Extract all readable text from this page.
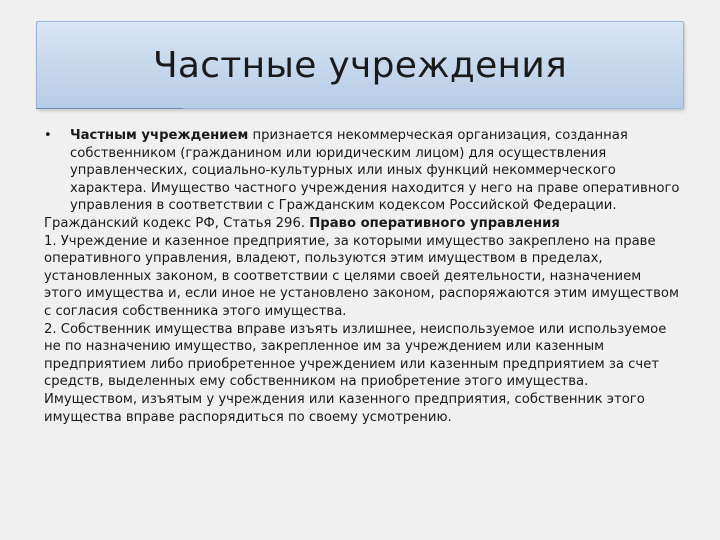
Частные учреждения
• Частным учреждением признается некоммерческая организация, созданная собственником (гражданином или юридическим лицом) для осуществления управленческих, социально-культурных или иных функций некоммерческого характера. Имущество частного учреждения находится у него на праве оперативного управления в соответствии с Гражданским кодексом Российской Федерации.

Гражданский кодекс РФ, Статья 296. Право оперативного управления

1. Учреждение и казенное предприятие, за которыми имущество закреплено на праве оперативного управления, владеют, пользуются этим имуществом в пределах, установленных законом, в соответствии с целями своей деятельности, назначением этого имущества и, если иное не установлено законом, распоряжаются этим имуществом с согласия собственника этого имущества.

2. Собственник имущества вправе изъять излишнее, неиспользуемое или используемое не по назначению имущество, закрепленное им за учреждением или казенным предприятием либо приобретенное учреждением или казенным предприятием за счет средств, выделенных ему собственником на приобретение этого имущества. Имуществом, изъятым у учреждения или казенного предприятия, собственник этого имущества вправе распорядиться по своему усмотрению.
